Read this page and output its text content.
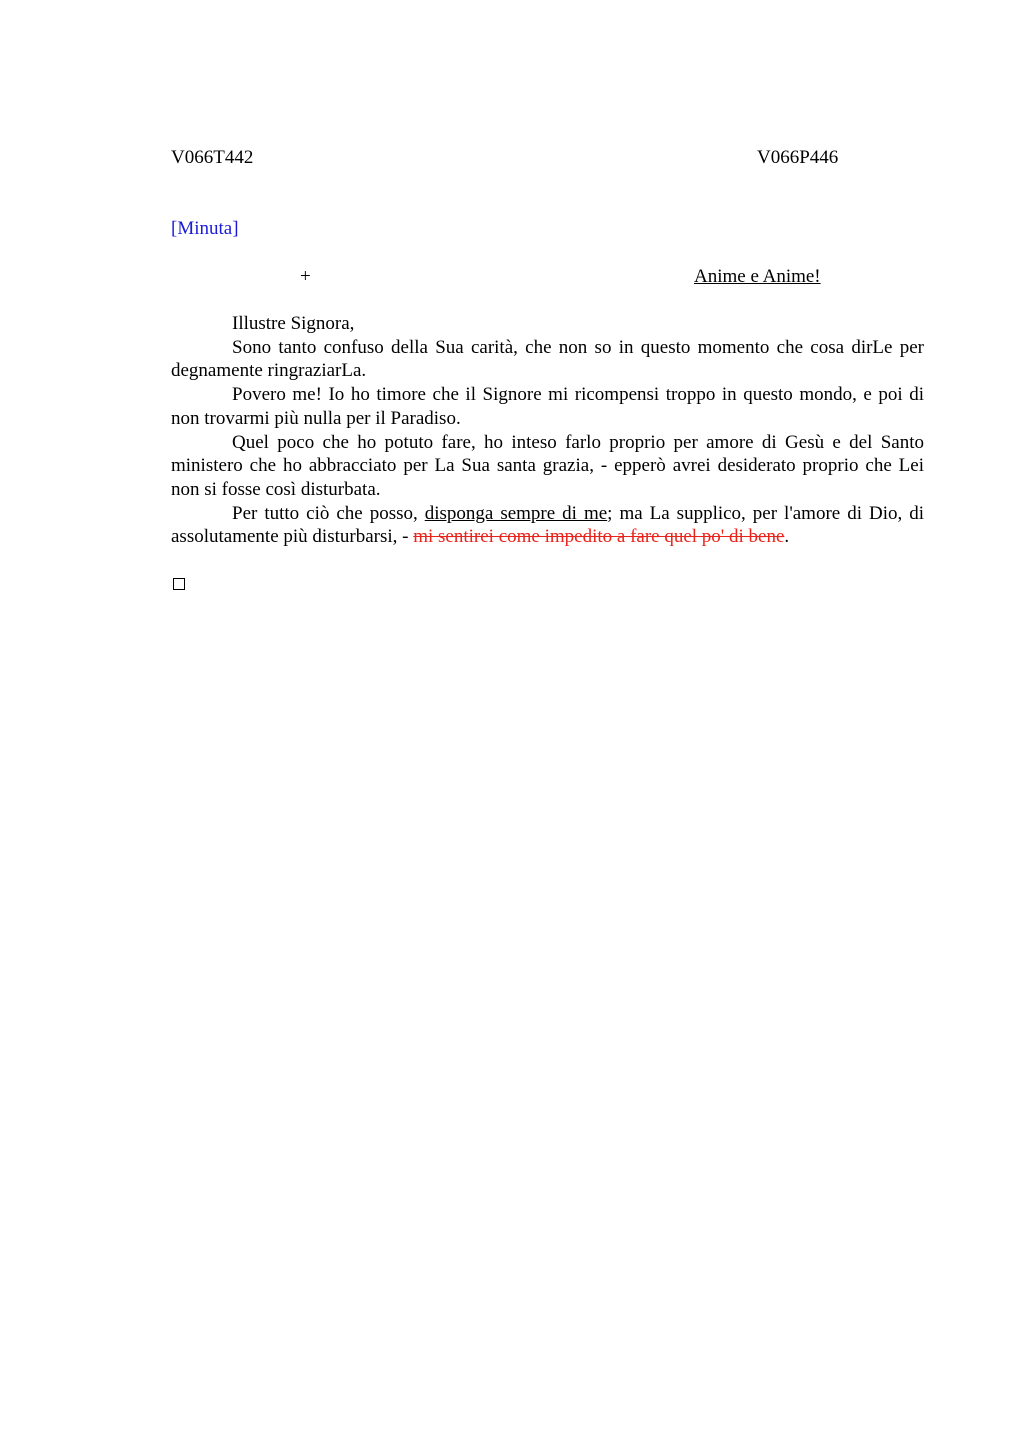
V066T442	V066P446
[Minuta]
+	Anime e Anime!

Illustre Signora,

Sono tanto confuso della Sua carità, che non so in questo momento che cosa dirLe per degnamente ringraziarLa.

Povero me! Io ho timore che il Signore mi ricompensi troppo in questo mondo, e poi di non trovarmi più nulla per il Paradiso.

Quel poco che ho potuto fare, ho inteso farlo proprio per amore di Gesù e del Santo ministero che ho abbracciato per La Sua santa grazia, - epperò avrei desiderato proprio che Lei non si fosse così disturbata.

Per tutto ciò che posso, disponga sempre di me; ma La supplico, per l'amore di Dio, di assolutamente più disturbarsi, - mi sentirei come impedito a fare quel po' di bene.
